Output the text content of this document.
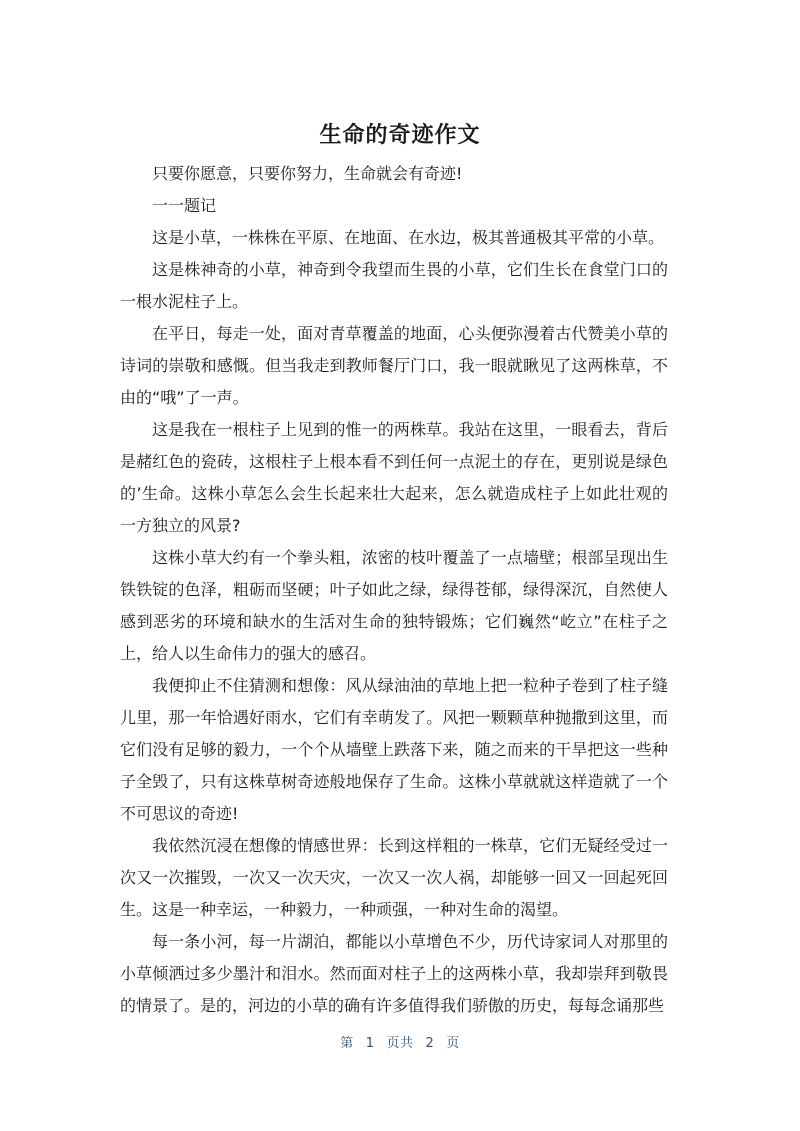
生命的奇迹作文

只要你愿意，只要你努力，生命就会有奇迹!

一一题记

这是小草，一株株在平原、在地面、在水边，极其普通极其平常的小草。

这是株神奇的小草，神奇到令我望而生畏的小草，它们生长在食堂门口的一根水泥柱子上。

在平日，每走一处，面对青草覆盖的地面，心头便弥漫着古代赞美小草的诗词的崇敬和感慨。但当我走到教师餐厅门口，我一眼就瞅见了这两株草，不由的“哦”了一声。

这是我在一根柱子上见到的惟一的两株草。我站在这里，一眼看去，背后是赭红色的瓷砖，这根柱子上根本看不到任何一点泥土的存在，更别说是绿色的’生命。这株小草怎么会生长起来壮大起来，怎么就造成柱子上如此壮观的一方独立的风景?

这株小草大约有一个拳头粗，浓密的枝叶覆盖了一点墙壁；根部呈现出生铁铁锭的色泽，粗砺而坚硬；叶子如此之绿，绿得苍郁，绿得深沉，自然使人感到恶劣的环境和缺水的生活对生命的独特锻炼；它们巍然“屹立”在柱子之上，给人以生命伟力的强大的感召。

我便抑止不住猜测和想像：风从绿油油的草地上把一粒种子卷到了柱子缝儿里，那一年恰遇好雨水，它们有幸萌发了。风把一颗颗草种抛撒到这里，而它们没有足够的毅力，一个个从墙壁上跌落下来，随之而来的干旱把这一些种子全毁了，只有这株草树奇迹般地保存了生命。这株小草就就这样造就了一个不可思议的奇迹!

我依然沉浸在想像的情感世界：长到这样粗的一株草，它们无疑经受过一次又一次摧毁，一次又一次天灾，一次又一次人祸，却能够一回又一回起死回生。这是一种幸运，一种毅力，一种顽强，一种对生命的渴望。

每一条小河，每一片湖泊，都能以小草增色不少，历代诗家词人对那里的小草倾洒过多少墨汁和泪水。然而面对柱子上的这两株小草，我却崇拜到敬畏的情景了。是的，河边的小草的确有许多值得我们骄傲的历史，每每念诵那些

第 1 页共 2 页
